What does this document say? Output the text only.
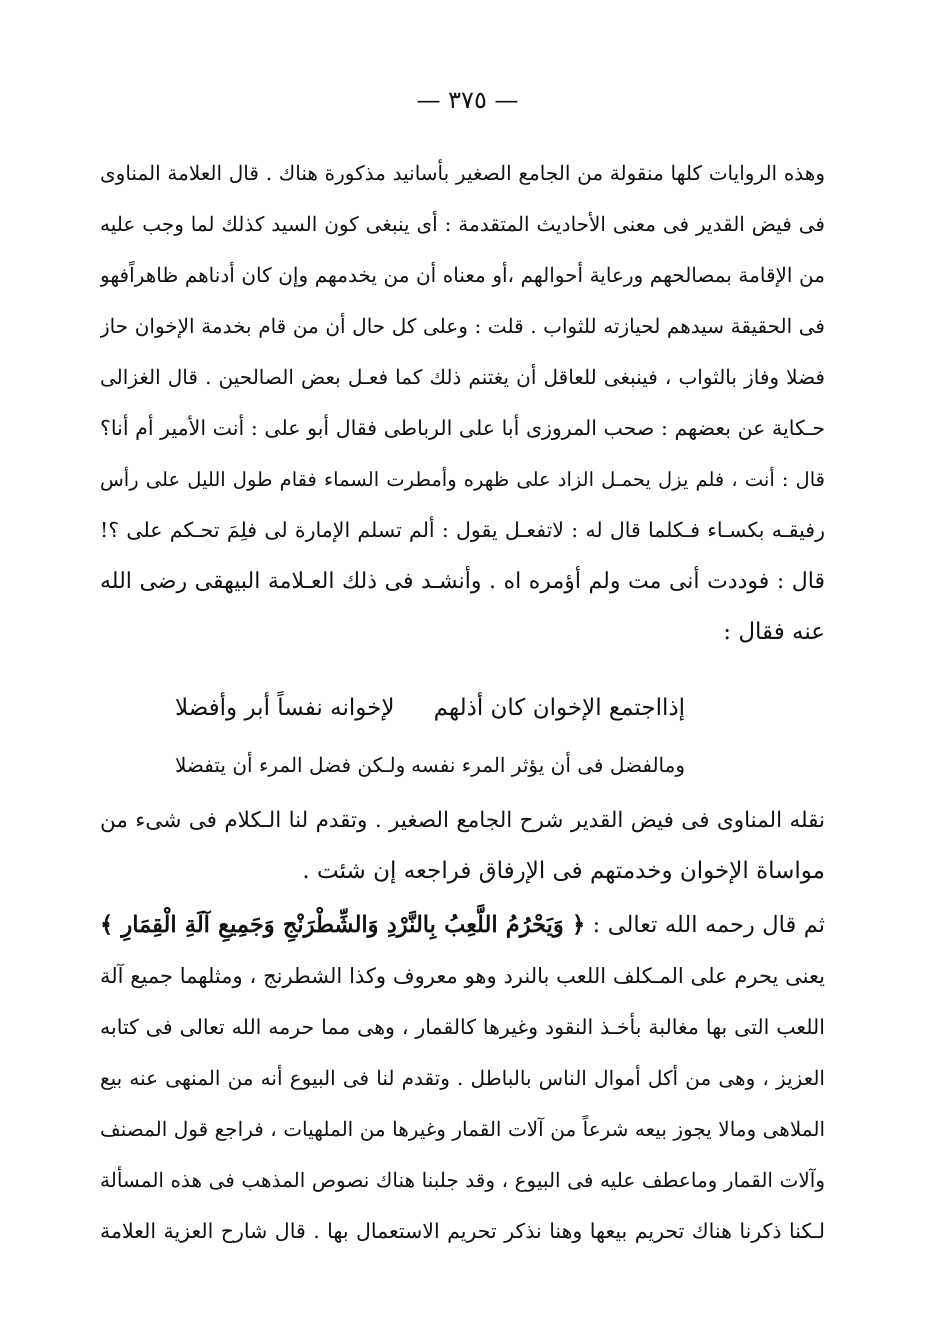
— ٣٧٥ —
وهذه الروايات كلها منقولة من الجامع الصغير بأسانيد مذكورة هناك . قال العلامة المناوى
فى فيض القدير فى معنى الأحاديث المتقدمة : أى ينبغى كون السيد كذلك لما وجب عليه
من الإقامة بمصالحهم ورعاية أحوالهم ،أو معناه أن من يخدمهم وإن كان أدناهم ظاهراًفهو
فى الحقيقة سيدهم لحيازته للثواب . قلت : وعلى كل حال أن من قام بخدمة الإخوان حاز
فضلا وفاز بالثواب ، فينبغى للعاقل أن يغتنم ذلك كما فعـل بعض الصالحين . قال الغزالى
حـكاية عن بعضهم : صحب المروزى أبا على الرباطى فقال أبو على : أنت الأمير أم أنا؟
قال : أنت ، فلم يزل يحمـل الزاد على ظهره وأمطرت السماء فقام طول الليل على رأس
رفيقـه بكسـاء فـكلما قال له : لاتفعـل يقول : ألم تسلم الإمارة لى فلِمَ تحـكم على ؟!
قال : فوددت أنى مت ولم أؤمره اه . وأنشـد فى ذلك العـلامة البيهقى رضى الله
عنه فقال :
إذااجتمع الإخوان كان أذلهم
لإخوانه نفساً أبر وأفضلا
ومالفضل فى أن يؤثر المرء نفسه
ولـكن فضل المرء أن يتفضلا
نقله المناوى فى فيض القدير شرح الجامع الصغير . وتقدم لنا الـكلام فى شىء من
مواساة الإخوان وخدمتهم فى الإرفاق فراجعه إن شئت .
ثم قال رحمه الله تعالى : ﴿ وَيَحْرُمُ اللَّعِبُ بِالنَّرْدِ وَالشِّطْرَنْجِ وَجَمِيعِ آلَةِ الْقِمَارِ ﴾
يعنى يحرم على المـكلف اللعب بالنرد وهو معروف وكذا الشطرنج ، ومثلهما جميع آلة
اللعب التى بها مغالبة بأخـذ النقود وغيرها كالقمار ، وهى مما حرمه الله تعالى فى كتابه
العزيز ، وهى من أكل أموال الناس بالباطل . وتقدم لنا فى البيوع أنه من المنهى عنه بيع
الملاهى ومالا يجوز بيعه شرعاً من آلات القمار وغيرها من الملهيات ، فراجع قول المصنف
وآلات القمار وماعطف عليه فى البيوع ، وقد جلبنا هناك نصوص المذهب فى هذه المسألة
لـكنا ذكرنا هناك تحريم بيعها وهنا نذكر تحريم الاستعمال بها . قال شارح العزية العلامة
